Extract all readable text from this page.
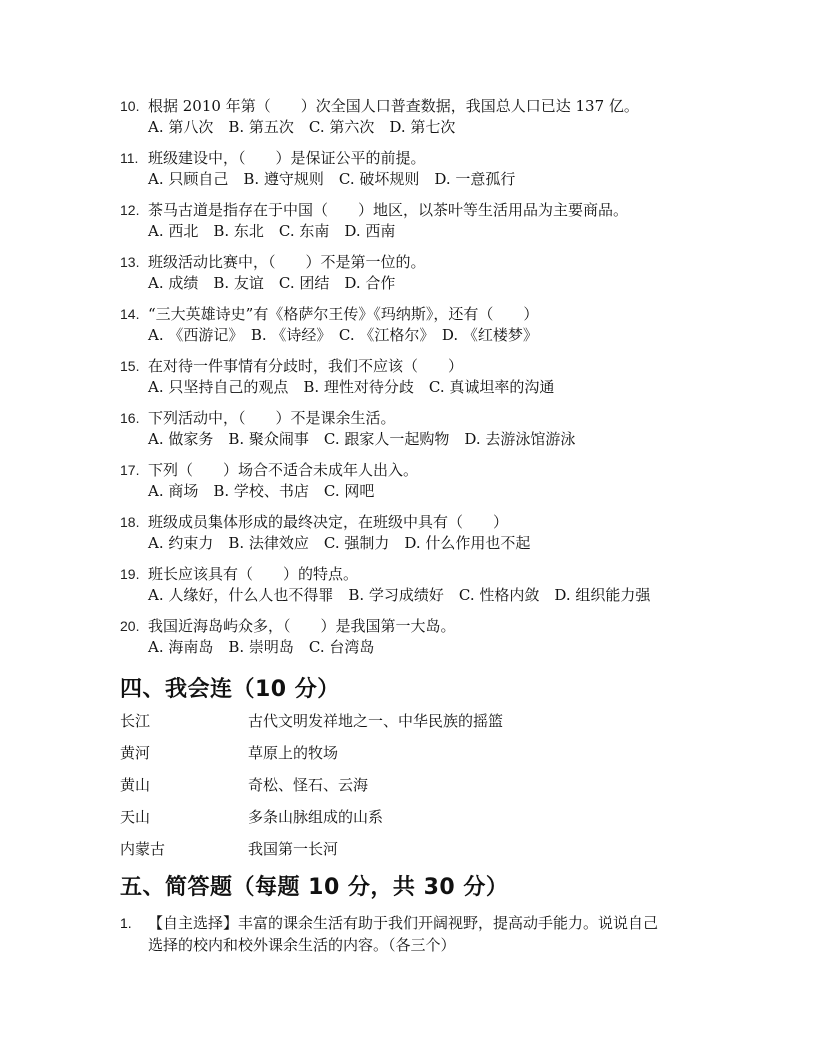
10. 根据 2010 年第（　　）次全国人口普查数据，我国总人口已达 137 亿。
A. 第八次　B. 第五次　C. 第六次　D. 第七次
11. 班级建设中，（　　）是保证公平的前提。
A. 只顾自己　B. 遵守规则　C. 破坏规则　D. 一意孤行
12. 茶马古道是指存在于中国（　　）地区，以茶叶等生活用品为主要商品。
A. 西北　B. 东北　C. 东南　D. 西南
13. 班级活动比赛中，（　　）不是第一位的。
A. 成绩　B. 友谊　C. 团结　D. 合作
14. “三大英雄诗史”有《格萨尔王传》《玛纳斯》，还有（　　）
A. 《西游记》　B. 《诗经》　C. 《江格尔》　D. 《红楼梦》
15. 在对待一件事情有分歧时，我们不应该（　　）
A. 只坚持自己的观点　B. 理性对待分歧　C. 真诚坦率的沟通
16. 下列活动中，（　　）不是课余生活。
A. 做家务　B. 聚众闹事　C. 跟家人一起购物　D. 去游泳馆游泳
17. 下列（　　）场合不适合未成年人出入。
A. 商场　B. 学校、书店　C. 网吧
18. 班级成员集体形成的最终决定，在班级中具有（　　）
A. 约束力　B. 法律效应　C. 强制力　D. 什么作用也不起
19. 班长应该具有（　　）的特点。
A. 人缘好，什么人也不得罪　B. 学习成绩好　C. 性格内敛　D. 组织能力强
20. 我国近海岛屿众多，（　　）是我国第一大岛。
A. 海南岛　B. 崇明岛　C. 台湾岛
四、我会连（10 分）
长江	古代文明发祥地之一、中华民族的摇篮
黄河	草原上的牧场
黄山	奇松、怪石、云海
天山	多条山脉组成的山系
内蒙古	我国第一长河
五、简答题（每题 10 分，共 30 分）
1. 【自主选择】丰富的课余生活有助于我们开阔视野，提高动手能力。说说自己
选择的校内和校外课余生活的内容。（各三个）
